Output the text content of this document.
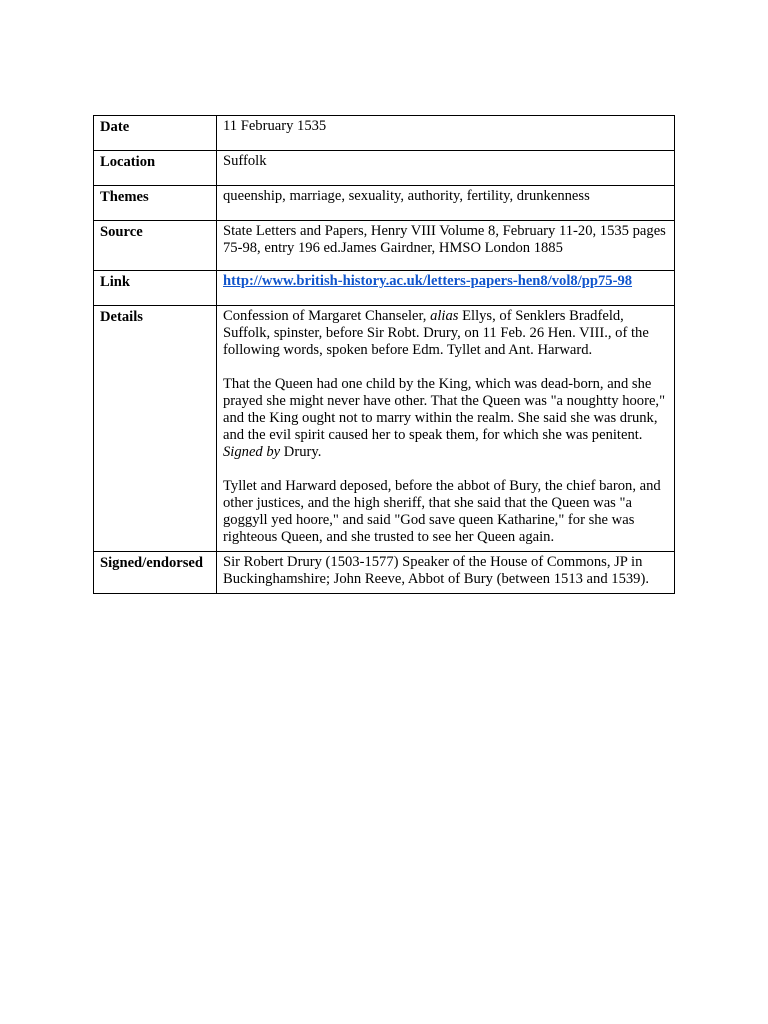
Date	11 February 1535
Location	Suffolk
Themes	queenship, marriage, sexuality, authority, fertility, drunkenness
Source	State Letters and Papers, Henry VIII Volume 8, February 11-20, 1535 pages 75-98, entry 196 ed.James Gairdner, HMSO London 1885
Link	http://www.british-history.ac.uk/letters-papers-hen8/vol8/pp75-98
Details	Confession of Margaret Chanseler, alias Ellys, of Senklers Bradfeld, Suffolk, spinster, before Sir Robt. Drury, on 11 Feb. 26 Hen. VIII., of the following words, spoken before Edm. Tyllet and Ant. Harward.

That the Queen had one child by the King, which was dead-born, and she prayed she might never have other. That the Queen was "a noughtty hoore," and the King ought not to marry within the realm. She said she was drunk, and the evil spirit caused her to speak them, for which she was penitent. Signed by Drury.

Tyllet and Harward deposed, before the abbot of Bury, the chief baron, and other justices, and the high sheriff, that she said that the Queen was "a goggyll yed hoore," and said "God save queen Katharine," for she was righteous Queen, and she trusted to see her Queen again.

Signed/endorsed	Sir Robert Drury (1503-1577) Speaker of the House of Commons, JP in Buckinghamshire; John Reeve, Abbot of Bury (between 1513 and 1539).
